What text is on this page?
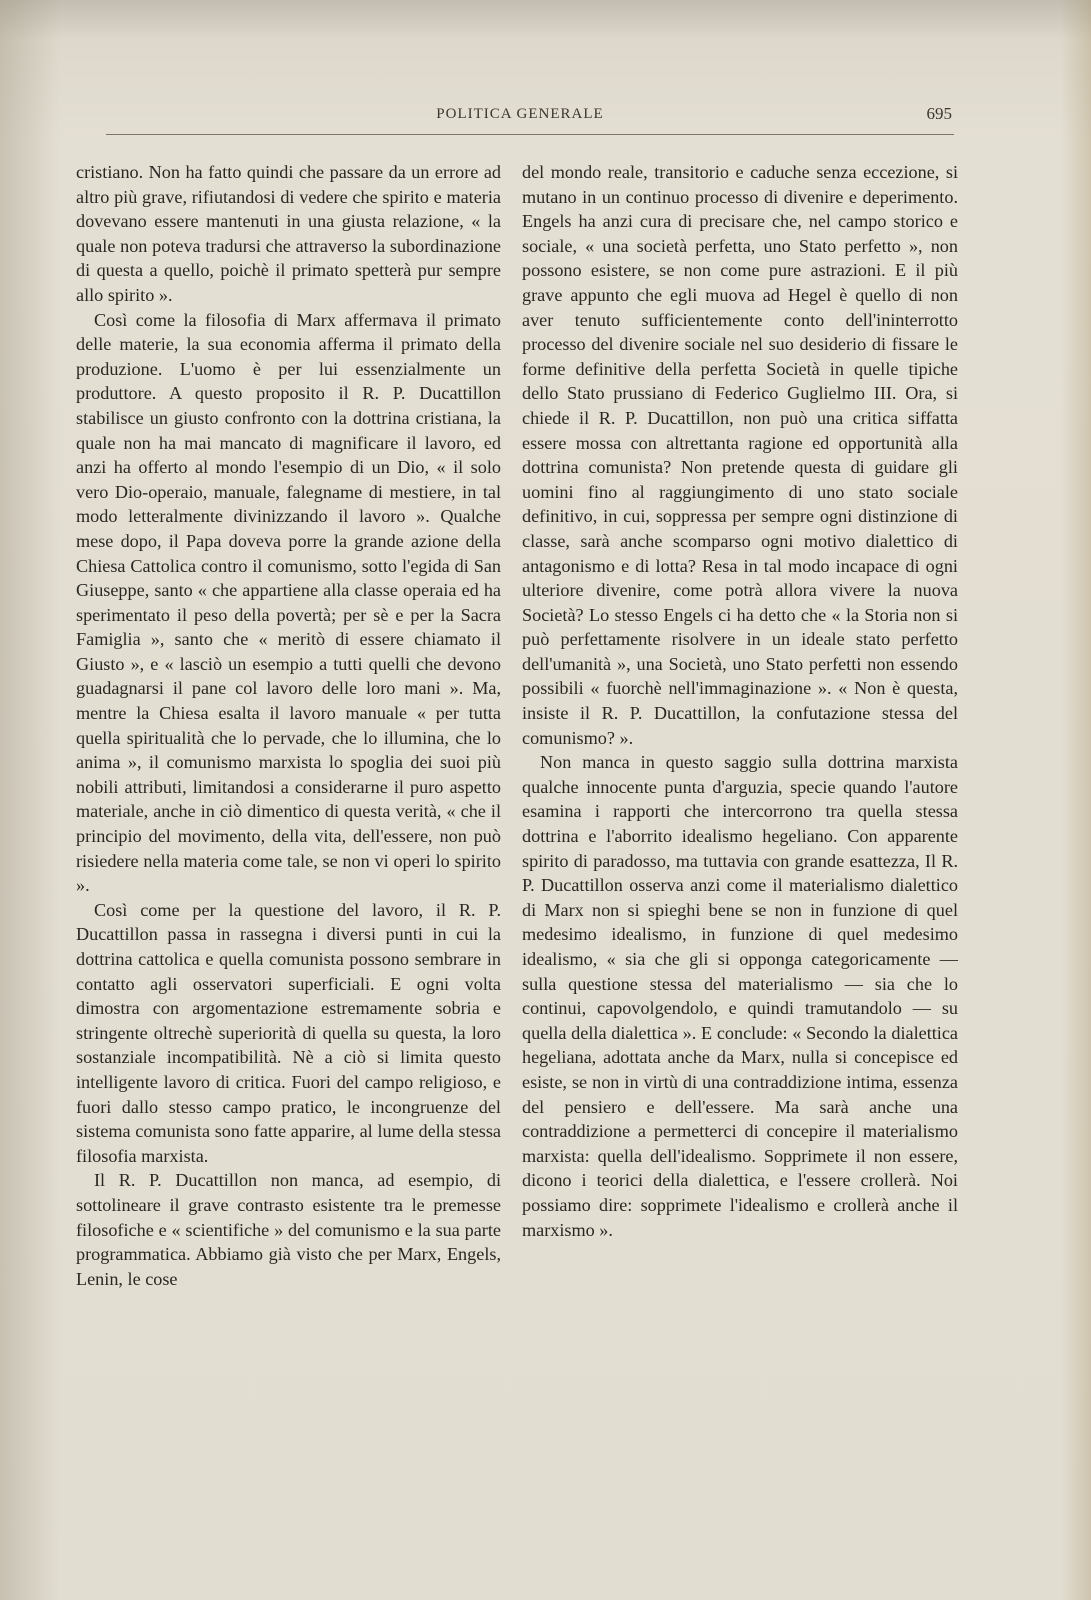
POLITICA GENERALE	695

cristiano. Non ha fatto quindi che passare da un errore ad altro più grave, rifiutandosi di vedere che spirito e materia dovevano essere mantenuti in una giusta relazione, « la quale non poteva tradursi che attraverso la subordinazione di questa a quello, poichè il primato spetterà pur sempre allo spirito ».

Così come la filosofia di Marx affermava il primato delle materie, la sua economia afferma il primato della produzione. L'uomo è per lui essenzialmente un produttore. A questo proposito il R. P. Ducattillon stabilisce un giusto confronto con la dottrina cristiana, la quale non ha mai mancato di magnificare il lavoro, ed anzi ha offerto al mondo l'esempio di un Dio, « il solo vero Dio-operaio, manuale, falegname di mestiere, in tal modo letteralmente divinizzando il lavoro ». Qualche mese dopo, il Papa doveva porre la grande azione della Chiesa Cattolica contro il comunismo, sotto l'egida di San Giuseppe, santo « che appartiene alla classe operaia ed ha sperimentato il peso della povertà; per sè e per la Sacra Famiglia », santo che « meritò di essere chiamato il Giusto », e « lasciò un esempio a tutti quelli che devono guadagnarsi il pane col lavoro delle loro mani ». Ma, mentre la Chiesa esalta il lavoro manuale « per tutta quella spiritualità che lo pervade, che lo illumina, che lo anima », il comunismo marxista lo spoglia dei suoi più nobili attributi, limitandosi a considerarne il puro aspetto materiale, anche in ciò dimentico di questa verità, « che il principio del movimento, della vita, dell'essere, non può risiedere nella materia come tale, se non vi operi lo spirito ».

Così come per la questione del lavoro, il R. P. Ducattillon passa in rassegna i diversi punti in cui la dottrina cattolica e quella comunista possono sembrare in contatto agli osservatori superficiali. E ogni volta dimostra con argomentazione estremamente sobria e stringente oltrechè superiorità di quella su questa, la loro sostanziale incompatibilità. Nè a ciò si limita questo intelligente lavoro di critica. Fuori del campo religioso, e fuori dallo stesso campo pratico, le incongruenze del sistema comunista sono fatte apparire, al lume della stessa filosofia marxista.

Il R. P. Ducattillon non manca, ad esempio, di sottolineare il grave contrasto esistente tra le premesse filosofiche e « scientifiche » del comunismo e la sua parte programmatica. Abbiamo già visto che per Marx, Engels, Lenin, le cose

del mondo reale, transitorio e caduche senza eccezione, si mutano in un continuo processo di divenire e deperimento. Engels ha anzi cura di precisare che, nel campo storico e sociale, « una società perfetta, uno Stato perfetto », non possono esistere, se non come pure astrazioni. E il più grave appunto che egli muova ad Hegel è quello di non aver tenuto sufficientemente conto dell'ininterrotto processo del divenire sociale nel suo desiderio di fissare le forme definitive della perfetta Società in quelle tipiche dello Stato prussiano di Federico Guglielmo III. Ora, si chiede il R. P. Ducattillon, non può una critica siffatta essere mossa con altrettanta ragione ed opportunità alla dottrina comunista? Non pretende questa di guidare gli uomini fino al raggiungimento di uno stato sociale definitivo, in cui, soppressa per sempre ogni distinzione di classe, sarà anche scomparso ogni motivo dialettico di antagonismo e di lotta? Resa in tal modo incapace di ogni ulteriore divenire, come potrà allora vivere la nuova Società? Lo stesso Engels ci ha detto che « la Storia non si può perfettamente risolvere in un ideale stato perfetto dell'umanità », una Società, uno Stato perfetti non essendo possibili « fuorchè nell'immaginazione ». « Non è questa, insiste il R. P. Ducattillon, la confutazione stessa del comunismo? ».

Non manca in questo saggio sulla dottrina marxista qualche innocente punta d'arguzia, specie quando l'autore esamina i rapporti che intercorrono tra quella stessa dottrina e l'aborrito idealismo hegeliano. Con apparente spirito di paradosso, ma tuttavia con grande esattezza, Il R. P. Ducattillon osserva anzi come il materialismo dialettico di Marx non si spieghi bene se non in funzione di quel medesimo idealismo, in funzione di quel medesimo idealismo, « sia che gli si opponga categoricamente — sulla questione stessa del materialismo — sia che lo continui, capovolgendolo, e quindi tramutandolo — su quella della dialettica ». E conclude: « Secondo la dialettica hegeliana, adottata anche da Marx, nulla si concepisce ed esiste, se non in virtù di una contraddizione intima, essenza del pensiero e dell'essere. Ma sarà anche una contraddizione a permetterci di concepire il materialismo marxista: quella dell'idealismo. Sopprimete il non essere, dicono i teorici della dialettica, e l'essere crollerà. Noi possiamo dire: sopprimete l'idealismo e crollerà anche il marxismo ».
